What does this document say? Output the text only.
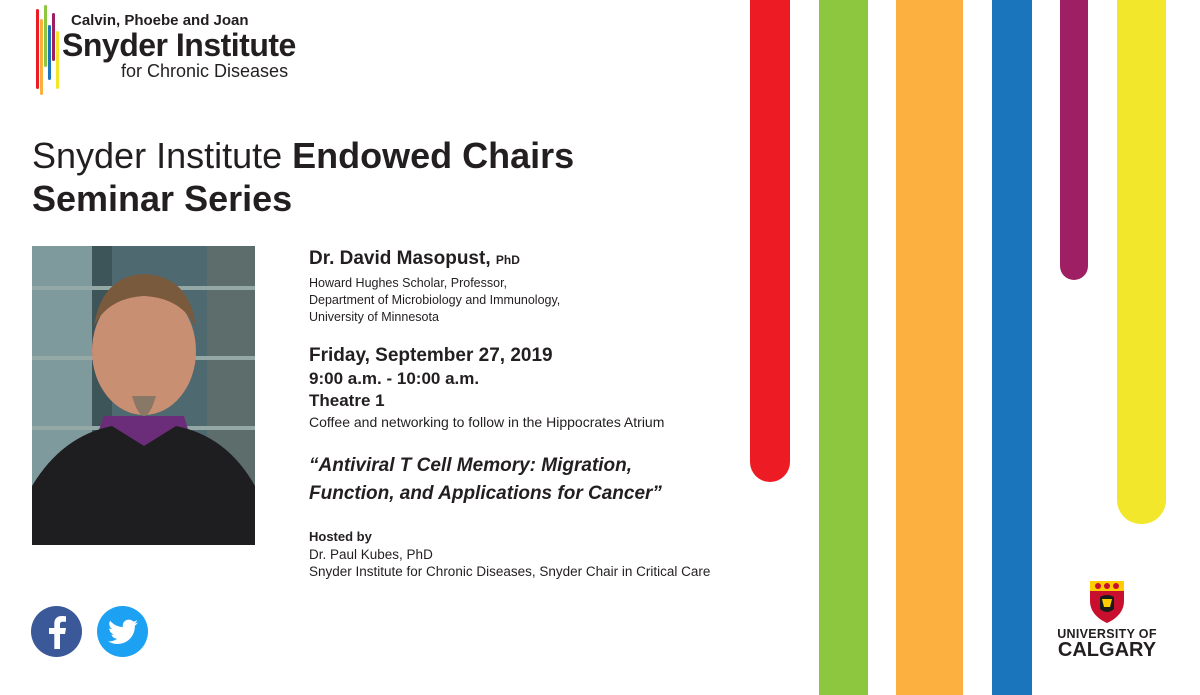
Calvin, Phoebe and Joan
Snyder Institute
for Chronic Diseases
Snyder Institute Endowed Chairs
Seminar Series
Dr. David Masopust, PhD
Howard Hughes Scholar, Professor,
Department of Microbiology and Immunology,
University of Minnesota
Friday, September 27, 2019
9:00 a.m. - 10:00 a.m.
Theatre 1
Coffee and networking to follow in the Hippocrates Atrium
“Antiviral T Cell Memory: Migration,
Function, and Applications for Cancer”
Hosted by
Dr. Paul Kubes, PhD
Snyder Institute for Chronic Diseases, Snyder Chair in Critical Care
UNIVERSITY OF
CALGARY
